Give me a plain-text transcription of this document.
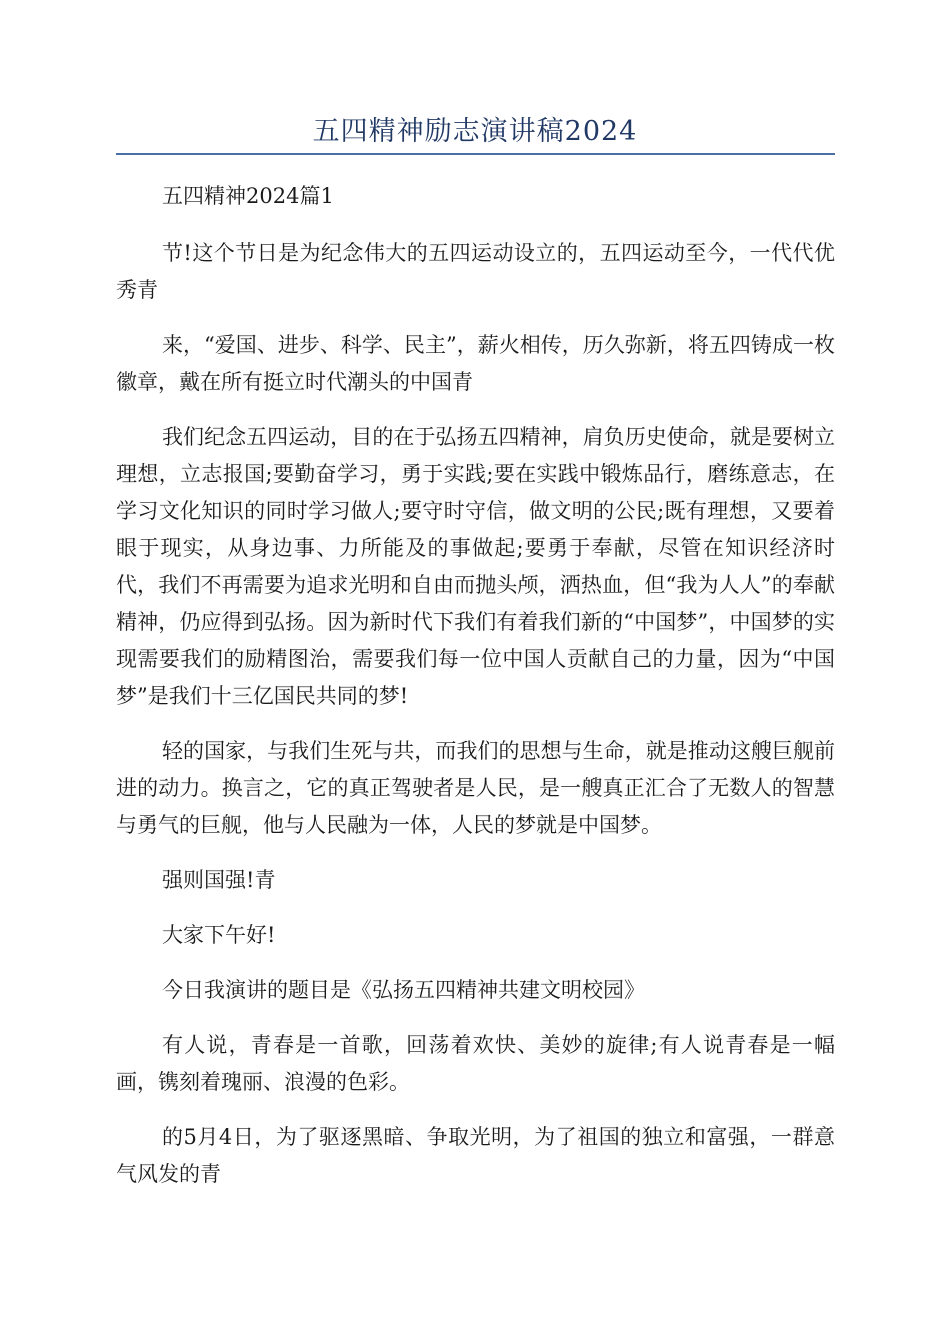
五四精神励志演讲稿2024

五四精神2024篇1

节!这个节日是为纪念伟大的五四运动设立的，五四运动至今，一代代优秀青

来，“爱国、进步、科学、民主”，薪火相传，历久弥新，将五四铸成一枚徽章，戴在所有挺立时代潮头的中国青

我们纪念五四运动，目的在于弘扬五四精神，肩负历史使命，就是要树立理想，立志报国;要勤奋学习，勇于实践;要在实践中锻炼品行，磨练意志，在学习文化知识的同时学习做人;要守时守信，做文明的公民;既有理想，又要着眼于现实，从身边事、力所能及的事做起;要勇于奉献，尽管在知识经济时代，我们不再需要为追求光明和自由而抛头颅，洒热血，但“我为人人”的奉献精神，仍应得到弘扬。因为新时代下我们有着我们新的“中国梦”，中国梦的实现需要我们的励精图治，需要我们每一位中国人贡献自己的力量，因为“中国梦”是我们十三亿国民共同的梦!

轻的国家，与我们生死与共，而我们的思想与生命，就是推动这艘巨舰前进的动力。换言之，它的真正驾驶者是人民，是一艘真正汇合了无数人的智慧与勇气的巨舰，他与人民融为一体，人民的梦就是中国梦。

强则国强!青

大家下午好!

今日我演讲的题目是《弘扬五四精神共建文明校园》

有人说，青春是一首歌，回荡着欢快、美妙的旋律;有人说青春是一幅画，镌刻着瑰丽、浪漫的色彩。

的5月4日，为了驱逐黑暗、争取光明，为了祖国的独立和富强，一群意气风发的青
